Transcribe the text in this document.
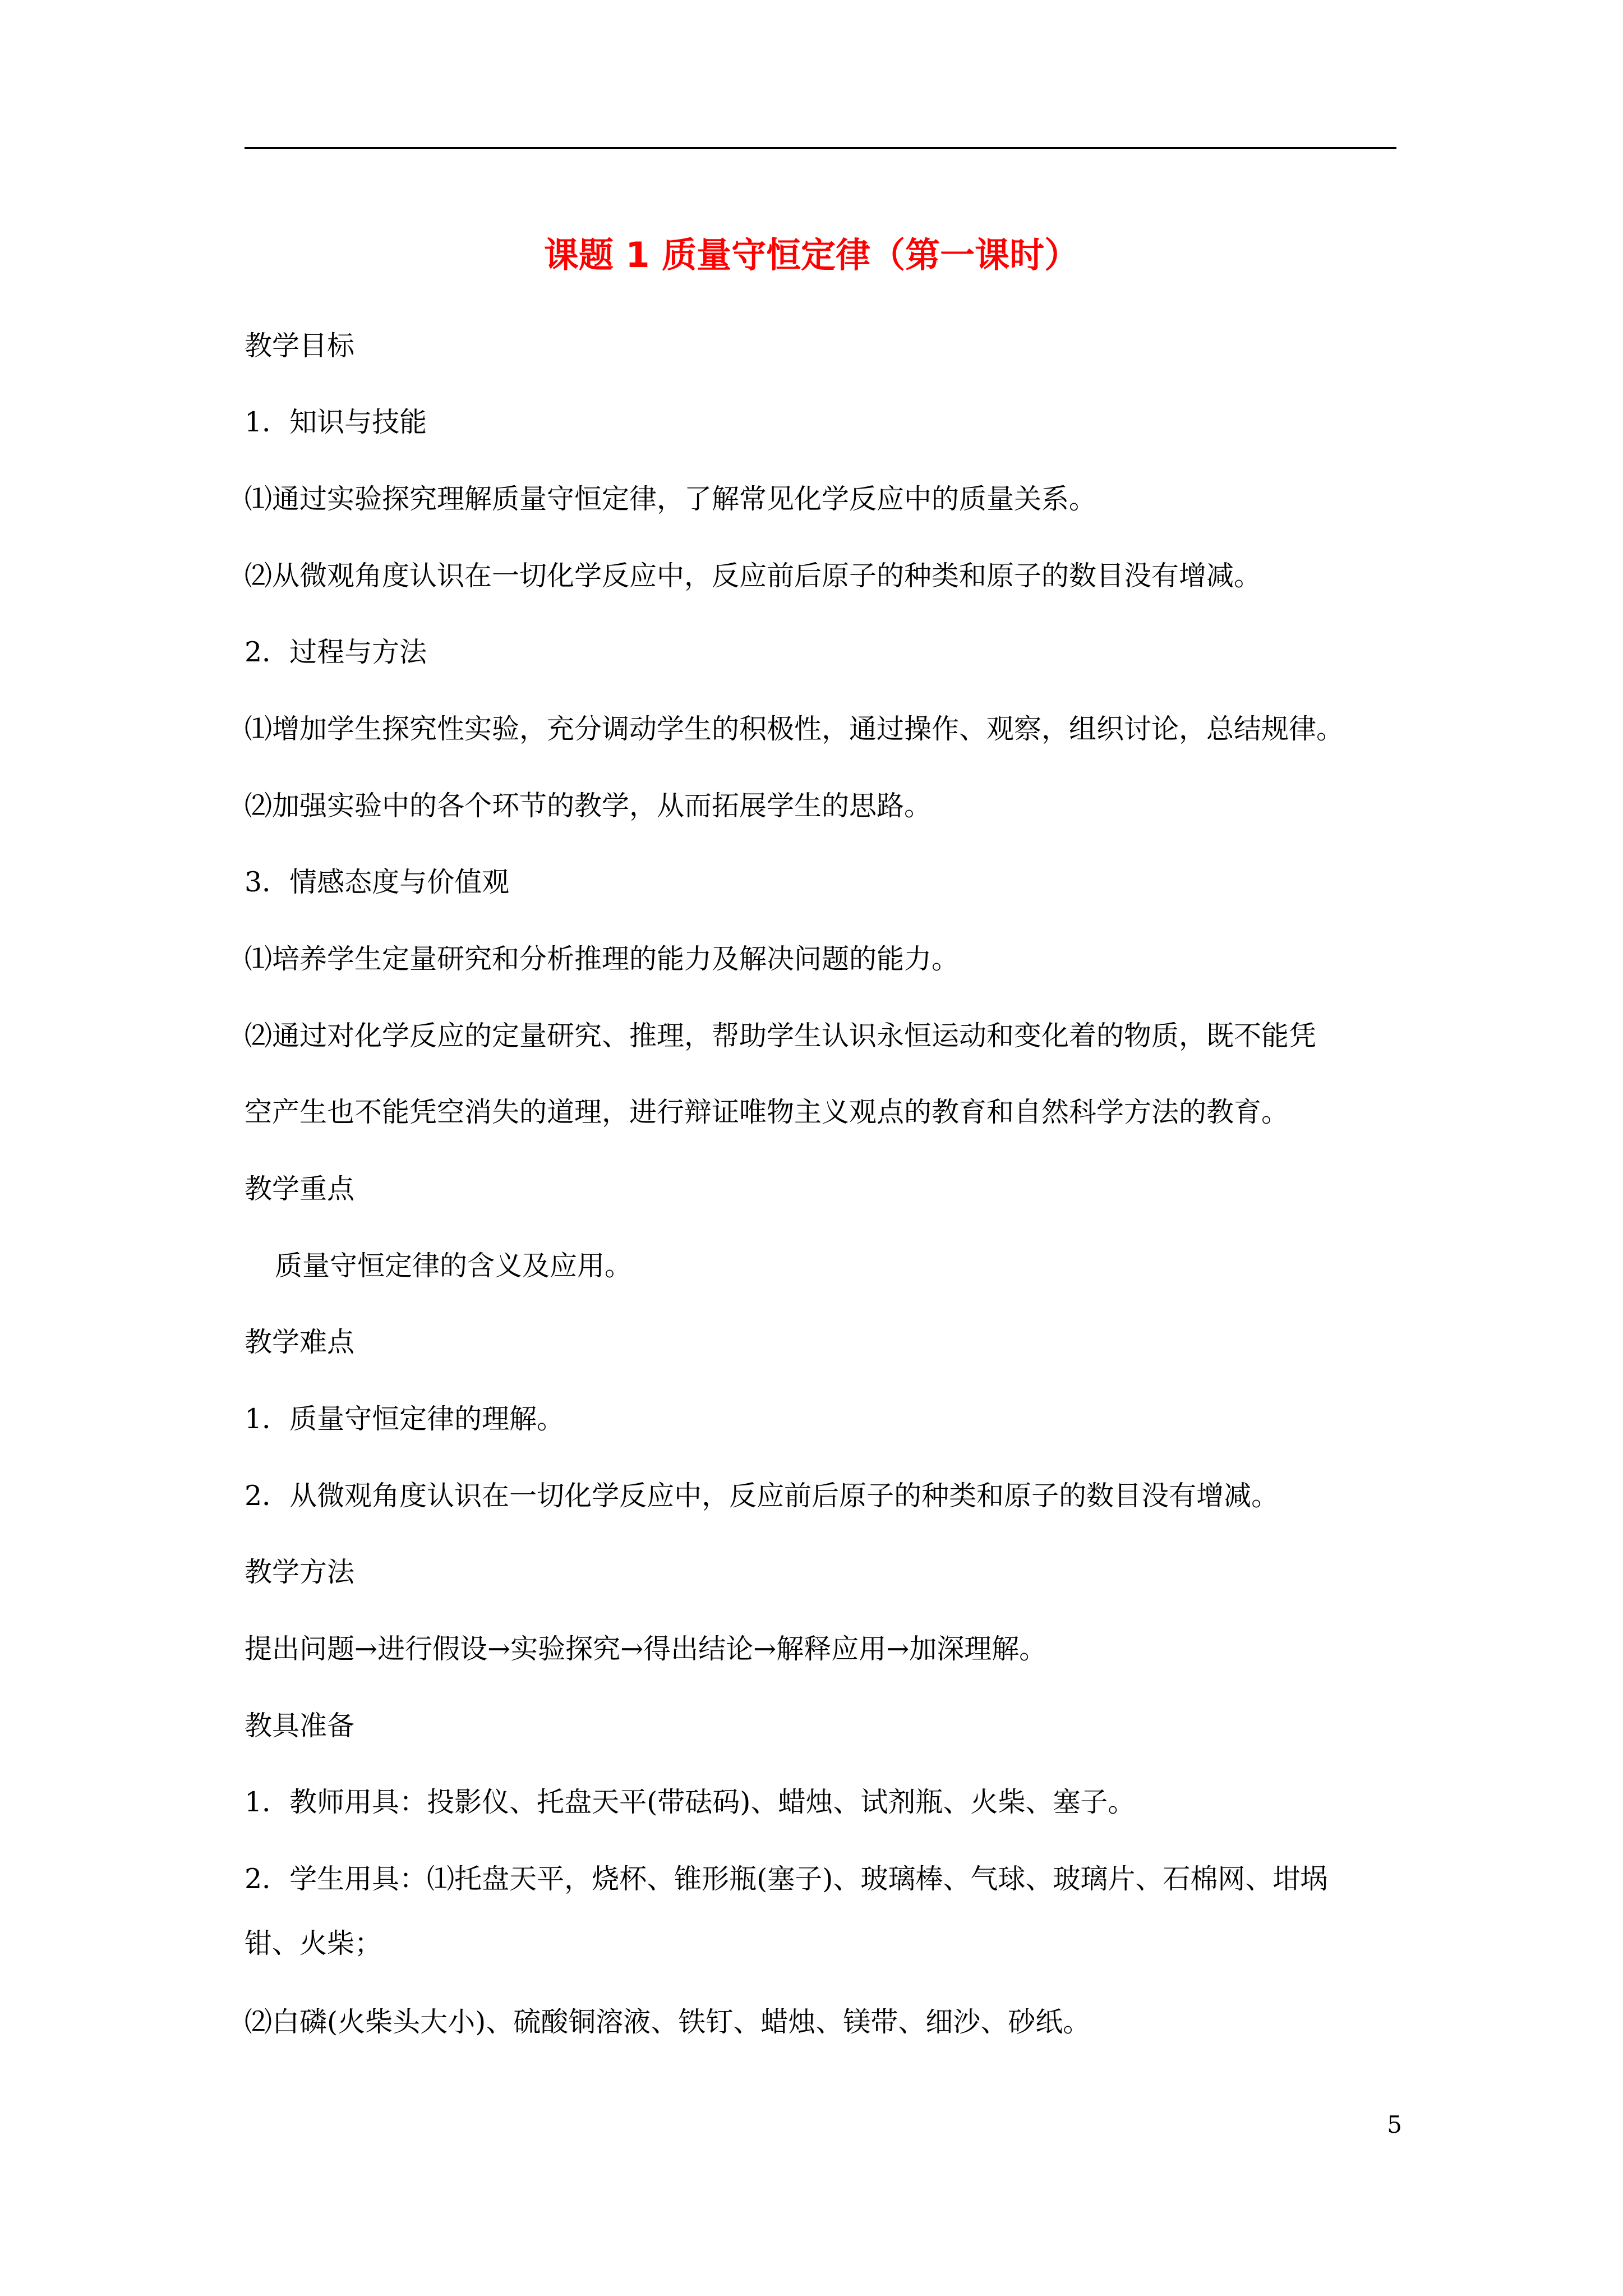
课题 1 质量守恒定律（第一课时）
教学目标
1．知识与技能
⑴通过实验探究理解质量守恒定律，了解常见化学反应中的质量关系。
⑵从微观角度认识在一切化学反应中，反应前后原子的种类和原子的数目没有增减。
2．过程与方法
⑴增加学生探究性实验，充分调动学生的积极性，通过操作、观察，组织讨论，总结规律。
⑵加强实验中的各个环节的教学，从而拓展学生的思路。
3．情感态度与价值观
⑴培养学生定量研究和分析推理的能力及解决问题的能力。
⑵通过对化学反应的定量研究、推理，帮助学生认识永恒运动和变化着的物质，既不能凭
空产生也不能凭空消失的道理，进行辩证唯物主义观点的教育和自然科学方法的教育。
教学重点
质量守恒定律的含义及应用。
教学难点
1．质量守恒定律的理解。
2．从微观角度认识在一切化学反应中，反应前后原子的种类和原子的数目没有增减。
教学方法
提出问题→进行假设→实验探究→得出结论→解释应用→加深理解。
教具准备
1．教师用具：投影仪、托盘天平(带砝码)、蜡烛、试剂瓶、火柴、塞子。
2．学生用具：⑴托盘天平，烧杯、锥形瓶(塞子)、玻璃棒、气球、玻璃片、石棉网、坩埚
钳、火柴；
⑵白磷(火柴头大小)、硫酸铜溶液、铁钉、蜡烛、镁带、细沙、砂纸。
5
